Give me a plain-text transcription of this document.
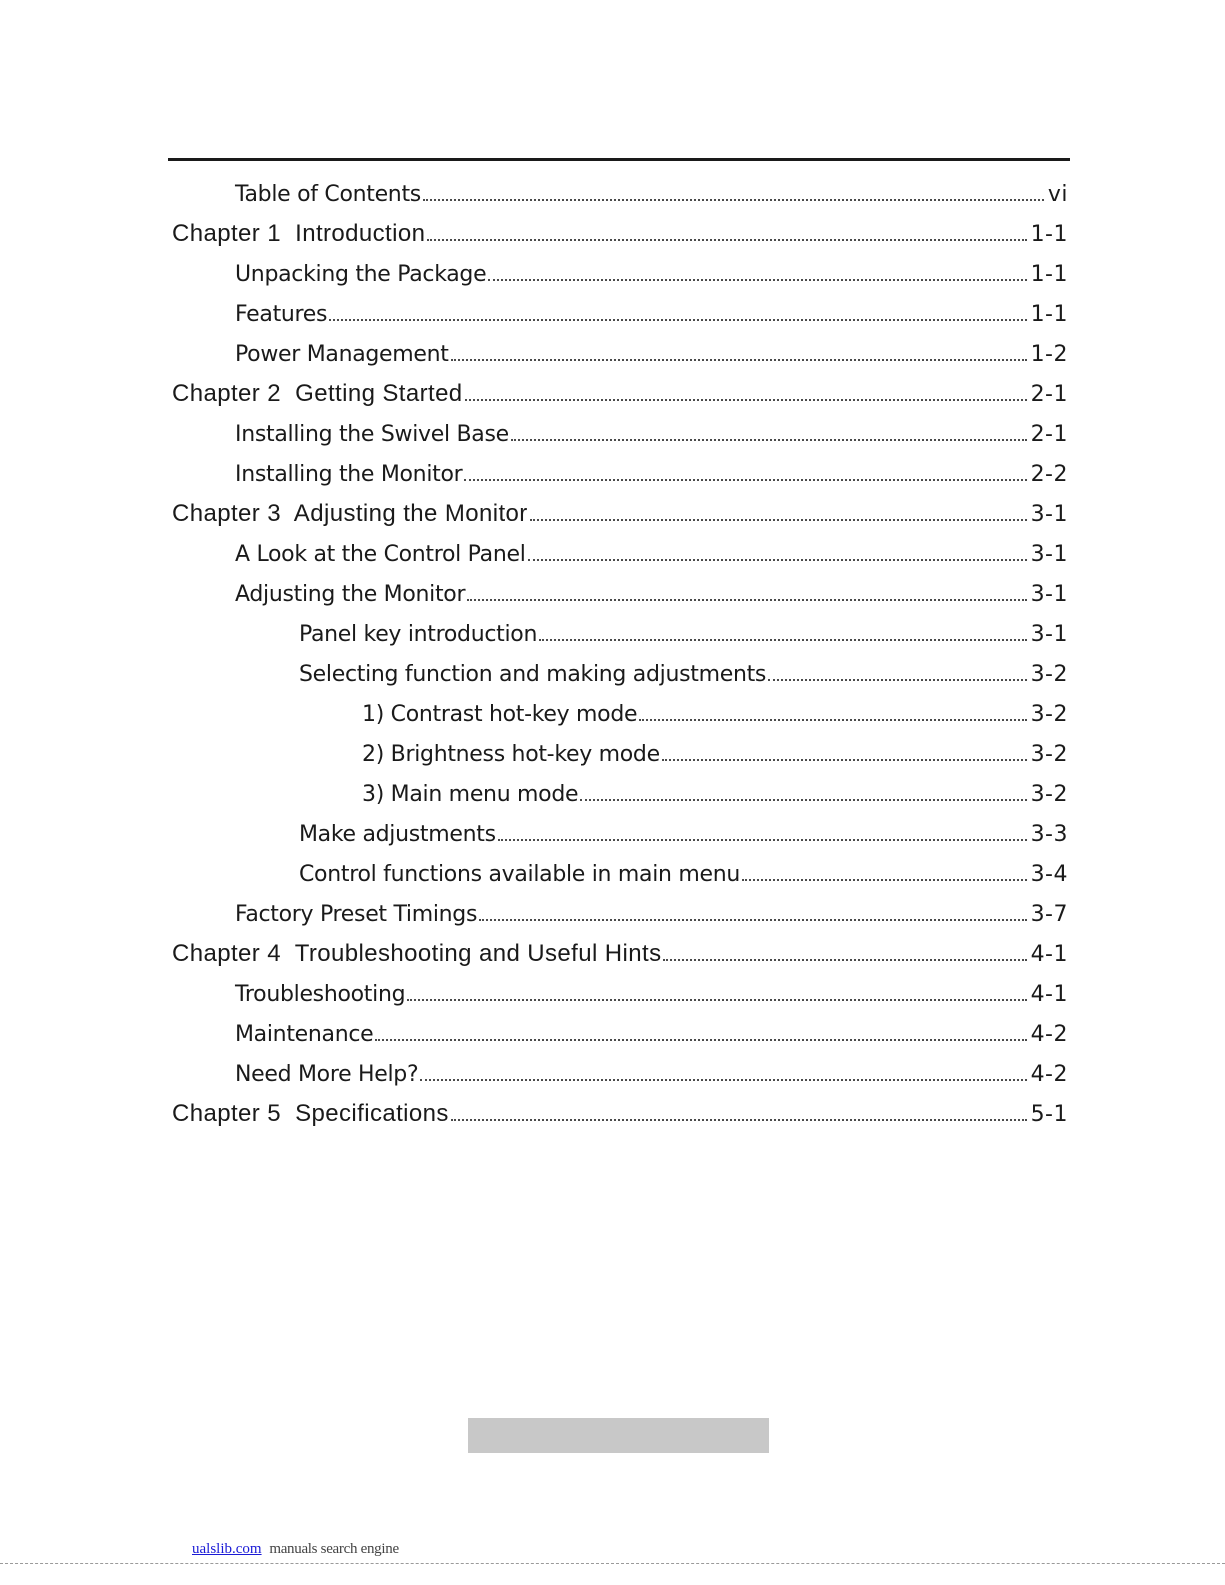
Table of Contents	vi
Chapter 1  Introduction	1-1
Unpacking the Package	1-1
Features	1-1
Power Management	1-2
Chapter 2  Getting Started	2-1
Installing the Swivel Base	2-1
Installing the Monitor	2-2
Chapter 3  Adjusting the Monitor	3-1
A Look at the Control Panel	3-1
Adjusting the Monitor	3-1
Panel key introduction	3-1
Selecting function and making adjustments	3-2
1) Contrast hot-key mode	3-2
2) Brightness hot-key mode	3-2
3) Main menu mode	3-2
Make adjustments	3-3
Control functions available in main menu	3-4
Factory Preset Timings	3-7
Chapter 4  Troubleshooting and Useful Hints	4-1
Troubleshooting	4-1
Maintenance	4-2
Need More Help?	4-2
Chapter 5  Specifications	5-1
ualslib.com manuals search engine
